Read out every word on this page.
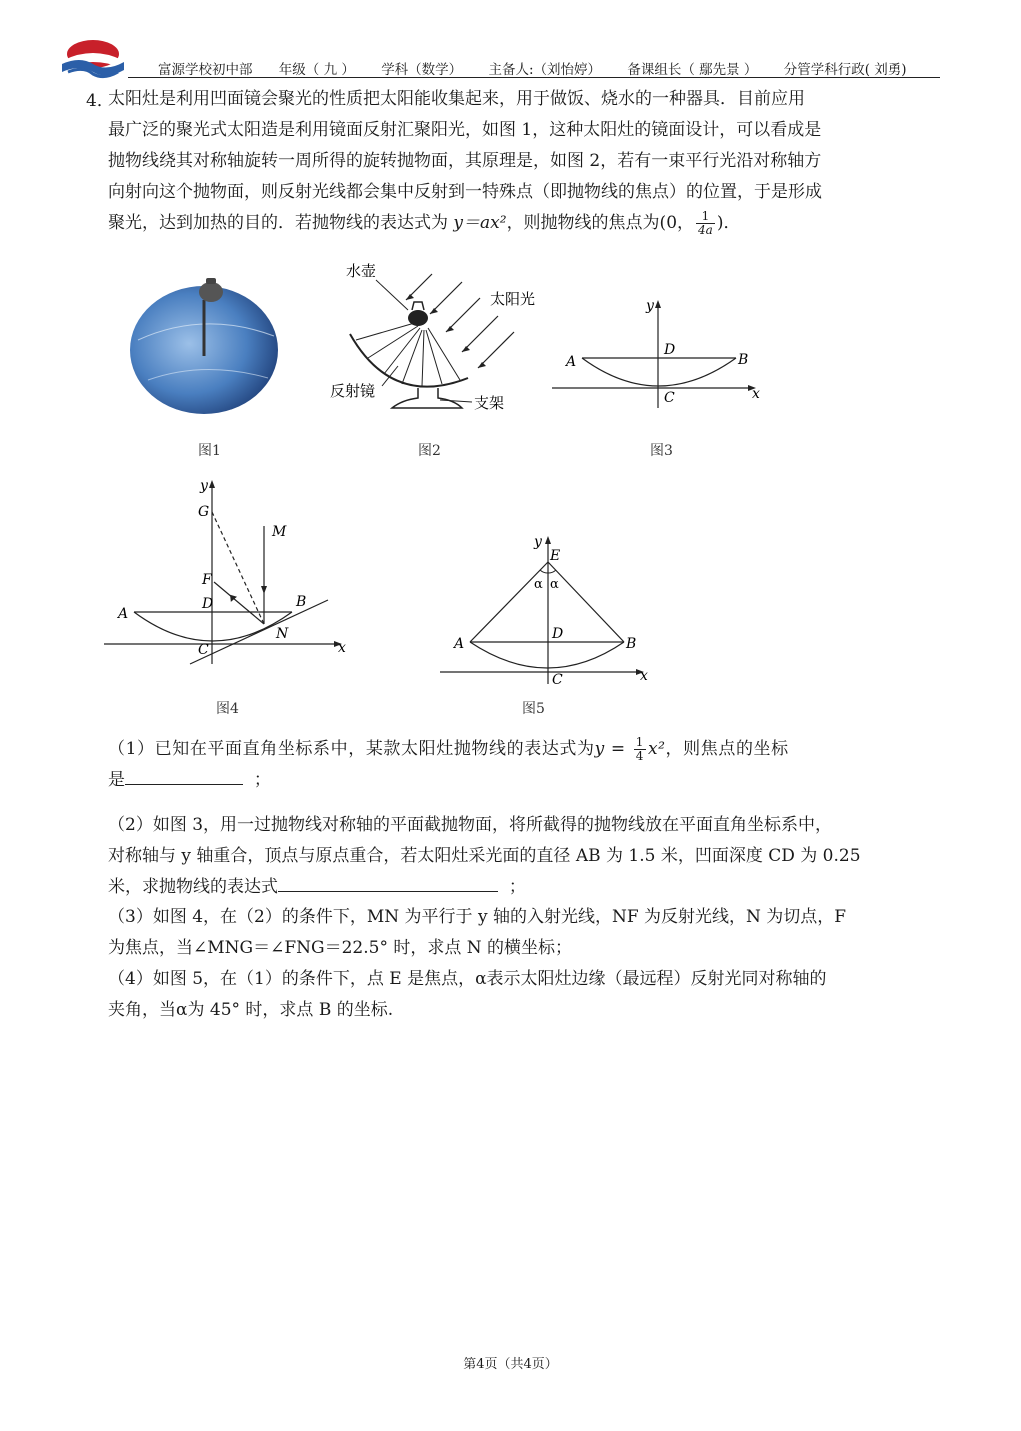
富源学校初中部 年级（ 九 ） 学科（数学） 主备人:（刘怡婷） 备课组长（ 鄢先景 ） 分管学科行政( 刘勇)
4．
太阳灶是利用凹面镜会聚光的性质把太阳能收集起来，用于做饭、烧水的一种器具．目前应用
最广泛的聚光式太阳造是利用镜面反射汇聚阳光，如图 1，这种太阳灶的镜面设计，可以看成是
抛物线绕其对称轴旋转一周所得的旋转抛物面，其原理是，如图 2，若有一束平行光沿对称轴方
向射向这个抛物面，则反射光线都会集中反射到一特殊点（即抛物线的焦点）的位置，于是形成
聚光，达到加热的目的．若抛物线的表达式为 y＝ax²，则抛物线的焦点为(0， $\frac{1}{4a}$ )．
图1
水壶
太阳光
反射镜
支架
图2
y
x
A	B
D
C
图3
y
x
G
M
F
D
A
B
C
N
图4
y
x
E
α α
A	B
D
C
图5
（1）已知在平面直角坐标系中，某款太阳灶抛物线的表达式为$y = \frac{1}{4} x^2$，则焦点的坐标
是	；
（2）如图 3，用一过抛物线对称轴的平面截抛物面，将所截得的抛物线放在平面直角坐标系中，
对称轴与 y 轴重合，顶点与原点重合，若太阳灶采光面的直径 AB 为 1.5 米，凹面深度 CD 为 0.25
米，求抛物线的表达式	；
（3）如图 4，在（2）的条件下，MN 为平行于 y 轴的入射光线，NF 为反射光线，N 为切点，F
为焦点，当∠MNG＝∠FNG＝22.5° 时，求点 N 的横坐标；
（4）如图 5，在（1）的条件下，点 E 是焦点，α表示太阳灶边缘（最远程）反射光同对称轴的
夹角，当α为 45° 时，求点 B 的坐标.
第4页（共4页）
